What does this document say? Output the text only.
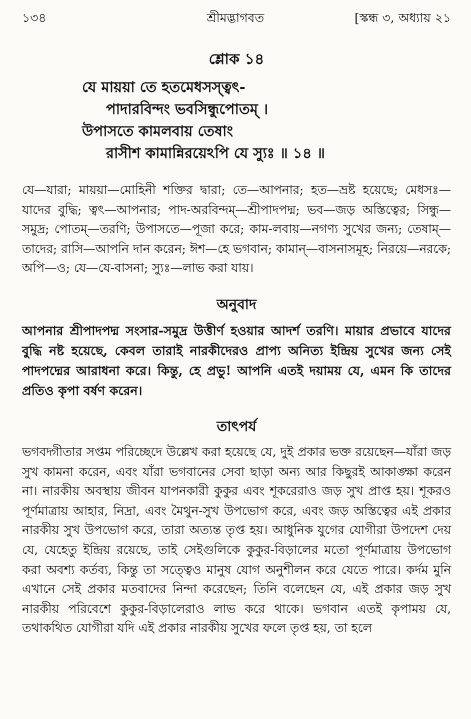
১৩৪	শ্রীমদ্ভাগবত	[স্কন্ধ ৩, অধ্যায় ২১
শ্লোক ১৪
যে মায়য়া তে হতমেধসস্ত্বৎ-
পাদারবিন্দং ভবসিন্ধুপোতম্‌ ।
উপাসতে কামলবায় তেষাং
রাসীশ কামান্নিরয়েঽপি যে স্যুঃ ॥ ১৪ ॥
যে—যারা; মায়য়া—মোহিনী শক্তির দ্বারা; তে—আপনার; হত—ভ্রষ্ট হয়েছে; মেধসঃ—যাদের বুদ্ধি; ত্বৎ—আপনার; পাদ-অরবিন্দম্‌—শ্রীপাদপদ্ম; ভব—জড় অস্তিত্বের; সিন্ধু—সমুদ্র; পোতম্‌—তরণি; উপাসতে—পূজা করে; কাম-লবায়—নগণ্য সুখের জন্য; তেষাম্‌—তাদের; রাসি—আপনি দান করেন; ঈশ—হে ভগবান; কামান্‌—বাসনাসমূহ; নিরয়ে—নরকে; অপি—ও; যে—যে-বাসনা; স্যুঃ—লাভ করা যায়।
অনুবাদ
আপনার শ্রীপাদপদ্ম সংসার-সমুদ্র উত্তীর্ণ হওয়ার আদর্শ তরণি। মায়ার প্রভাবে যাদের বুদ্ধি নষ্ট হয়েছে, কেবল তারাই নারকীদেরও প্রাপ্য অনিত্য ইন্দ্রিয় সুখের জন্য সেই পাদপদ্মের আরাধনা করে। কিন্তু, হে প্রভু! আপনি এতই দয়াময় যে, এমন কি তাদের প্রতিও কৃপা বর্ষণ করেন।
তাৎপর্য
ভগবদ্গীতার সপ্তম পরিচ্ছেদে উল্লেখ করা হয়েছে যে, দুই প্রকার ভক্ত রয়েছেন—যাঁরা জড় সুখ কামনা করেন, এবং যাঁরা ভগবানের সেবা ছাড়া অন্য আর কিছুরই আকাঙ্ক্ষা করেন না। নারকীয় অবস্থায় জীবন যাপনকারী কুকুর এবং শূকরেরাও জড় সুখ প্রাপ্ত হয়। শূকরও পূর্ণমাত্রায় আহার, নিদ্রা, এবং মৈথুন-সুখ উপভোগ করে, এবং জড় অস্তিত্বের এই প্রকার নারকীয় সুখ উপভোগ করে, তারা অত্যন্ত তৃপ্ত হয়। আধুনিক যুগের যোগীরা উপদেশ দেয় যে, যেহেতু ইন্দ্রিয় রয়েছে, তাই সেইগুলিকে কুকুর-বিড়ালের মতো পূর্ণমাত্রায় উপভোগ করা অবশ্য কর্তব্য, কিন্তু তা সত্ত্বেও মানুষ যোগ অনুশীলন করে যেতে পারে। কর্দম মুনি এখানে সেই প্রকার মতবাদের নিন্দা করেছেন; তিনি বলেছেন যে, এই প্রকার জড় সুখ নারকীয় পরিবেশে কুকুর-বিড়ালেরাও লাভ করে থাকে। ভগবান এতই কৃপাময় যে, তথাকথিত যোগীরা যদি এই প্রকার নারকীয় সুখের ফলে তৃপ্ত হয়, তা হলে
